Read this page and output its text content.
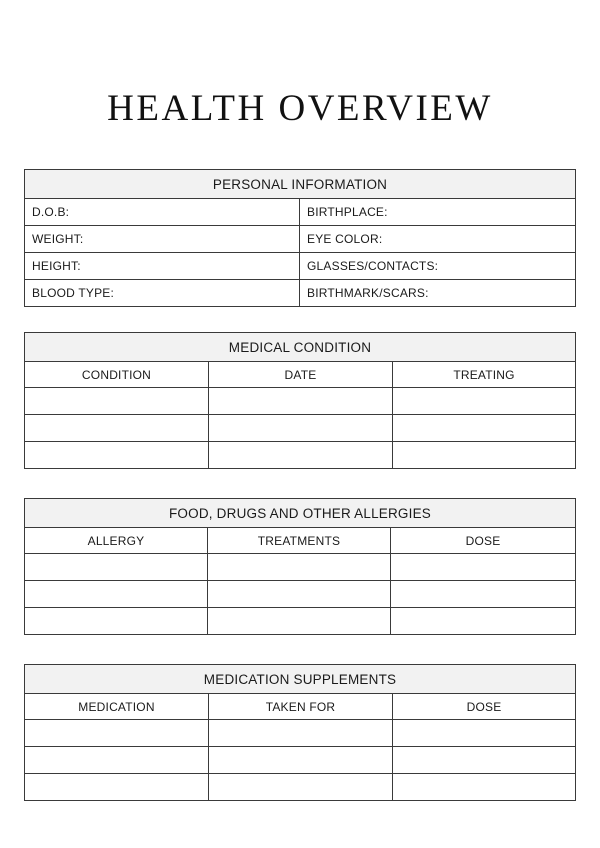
HEALTH OVERVIEW
PERSONAL INFORMATION	
D.O.B:	BIRTHPLACE:
WEIGHT:	EYE COLOR:
HEIGHT:	GLASSES/CONTACTS:
BLOOD TYPE:	BIRTHMARK/SCARS:
MEDICAL CONDITION		
CONDITION	DATE	TREATING

FOOD, DRUGS AND OTHER ALLERGIES		
ALLERGY	TREATMENTS	DOSE

MEDICATION SUPPLEMENTS		
MEDICATION	TAKEN FOR	DOSE
